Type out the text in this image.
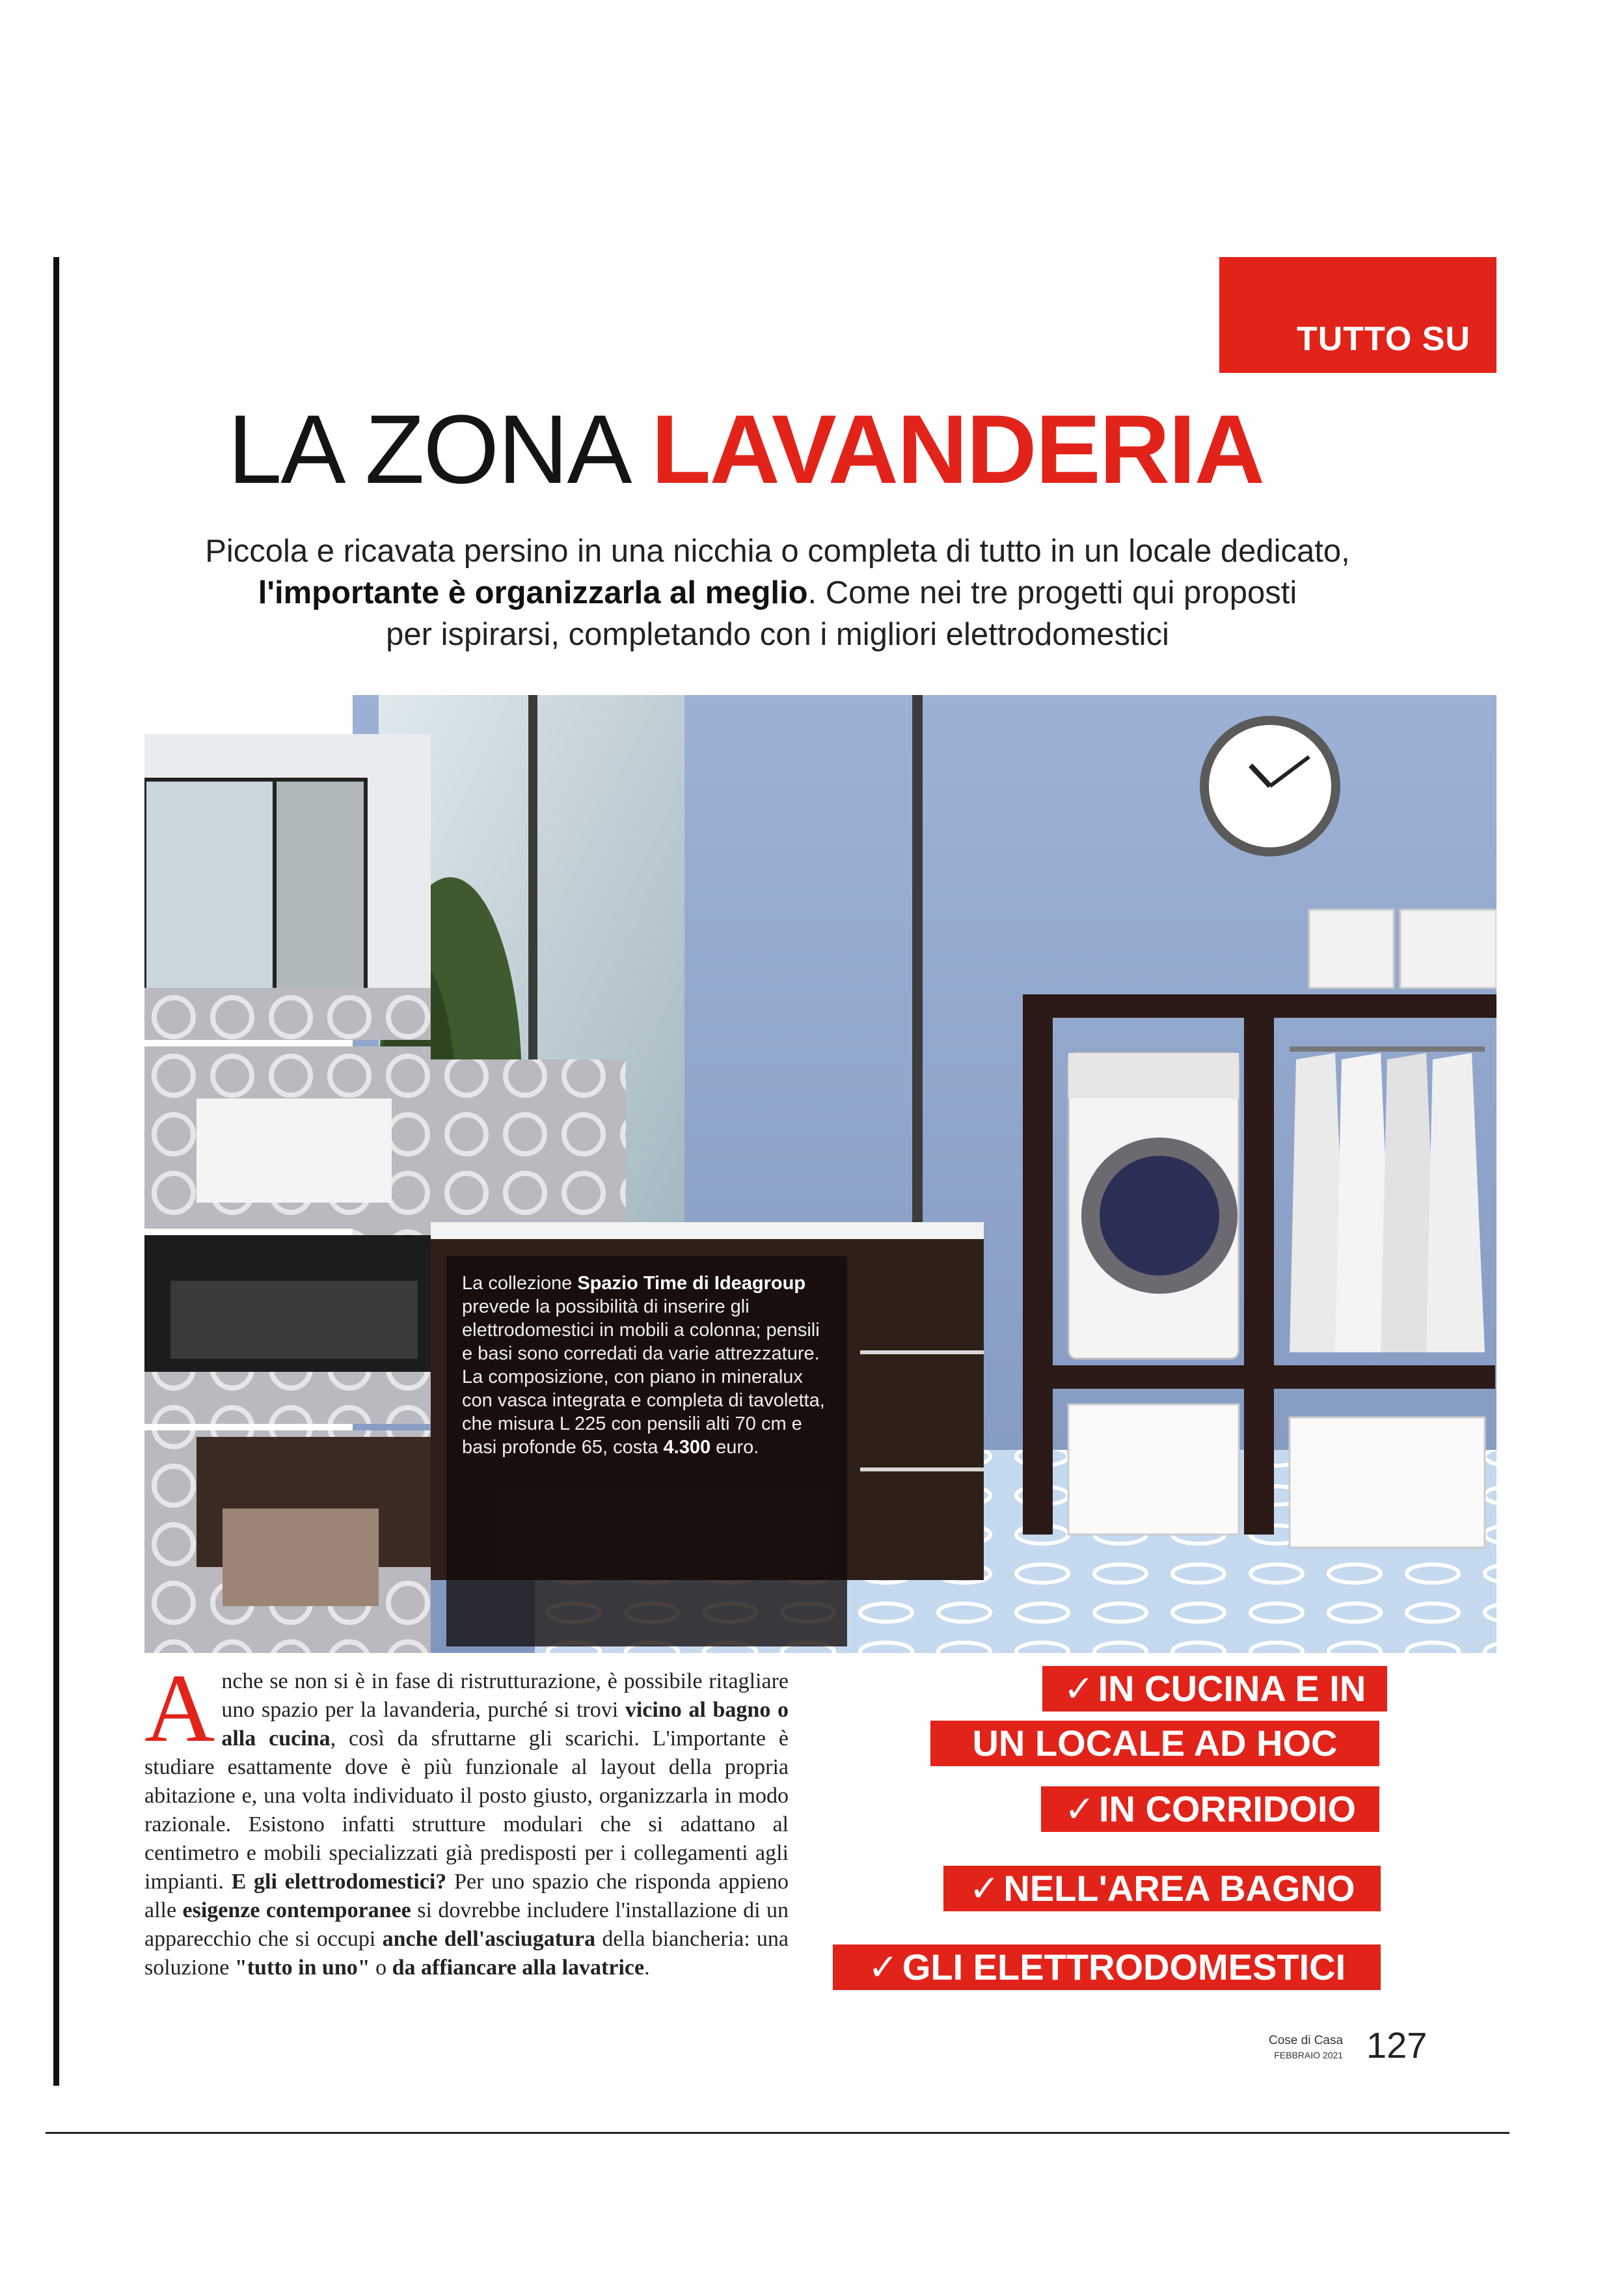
TUTTO SU
LA ZONA LAVANDERIA
Piccola e ricavata persino in una nicchia o completa di tutto in un locale dedicato,
l'importante è organizzarla al meglio. Come nei tre progetti qui proposti
per ispirarsi, completando con i migliori elettrodomestici
La collezione Spazio Time di Ideagroup prevede la possibilità di inserire gli elettrodomestici in mobili a colonna; pensili e basi sono corredati da varie attrezzature. La composizione, con piano in mineralux con vasca integrata e completa di tavoletta, che misura L 225 con pensili alti 70 cm e basi profonde 65, costa 4.300 euro.
Anche se non si è in fase di ristrutturazione, è possibile ritagliare uno spazio per la lavanderia, purché si trovi vicino al bagno o alla cucina, così da sfruttarne gli scarichi. L'importante è studiare esattamente dove è più funzionale al layout della propria abitazione e, una volta individuato il posto giusto, organizzarla in modo razionale. Esistono infatti strutture modulari che si adattano al centimetro e mobili specializzati già predisposti per i collegamenti agli impianti. E gli elettrodomestici? Per uno spazio che risponda appieno alle esigenze contemporanee si dovrebbe includere l'installazione di un apparecchio che si occupi anche dell'asciugatura della biancheria: una soluzione "tutto in uno" o da affiancare alla lavatrice.
✓ IN CUCINA E IN
UN LOCALE AD HOC
✓ IN CORRIDOIO
✓ NELL'AREA BAGNO
✓ GLI ELETTRODOMESTICI
Cose di Casa
FEBBRAIO 2021 127
